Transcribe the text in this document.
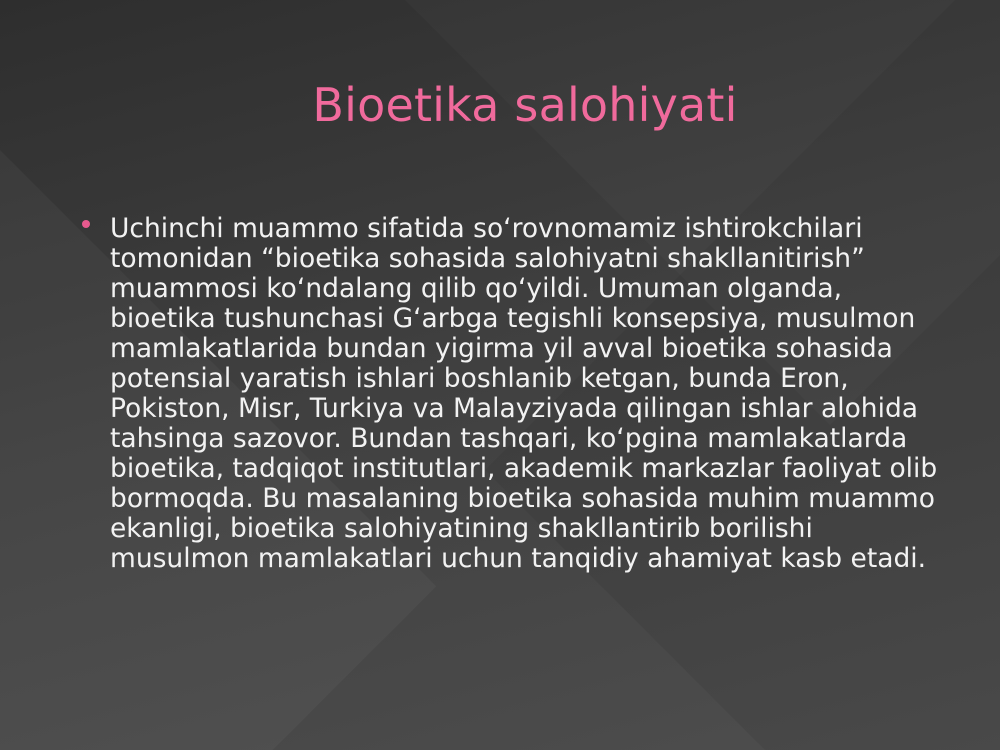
Bioetika salohiyati

Uchinchi muammo sifatida so‘rovnomamiz ishtirokchilari tomonidan “bioetika sohasida salohiyatni shakllanitirish” muammosi ko‘ndalang qilib qo‘yildi. Umuman olganda, bioetika tushunchasi G‘arbga tegishli konsepsiya, musulmon mamlakatlarida bundan yigirma yil avval bioetika sohasida potensial yaratish ishlari boshlanib ketgan, bunda Eron, Pokiston, Misr, Turkiya va Malayziyada qilingan ishlar alohida tahsinga sazovor. Bundan tashqari, ko‘pgina mamlakatlarda bioetika, tadqiqot institutlari, akademik markazlar faoliyat olib bormoqda. Bu masalaning bioetika sohasida muhim muammo ekanligi, bioetika salohiyatining shakllantirib borilishi musulmon mamlakatlari uchun tanqidiy ahamiyat kasb etadi.
